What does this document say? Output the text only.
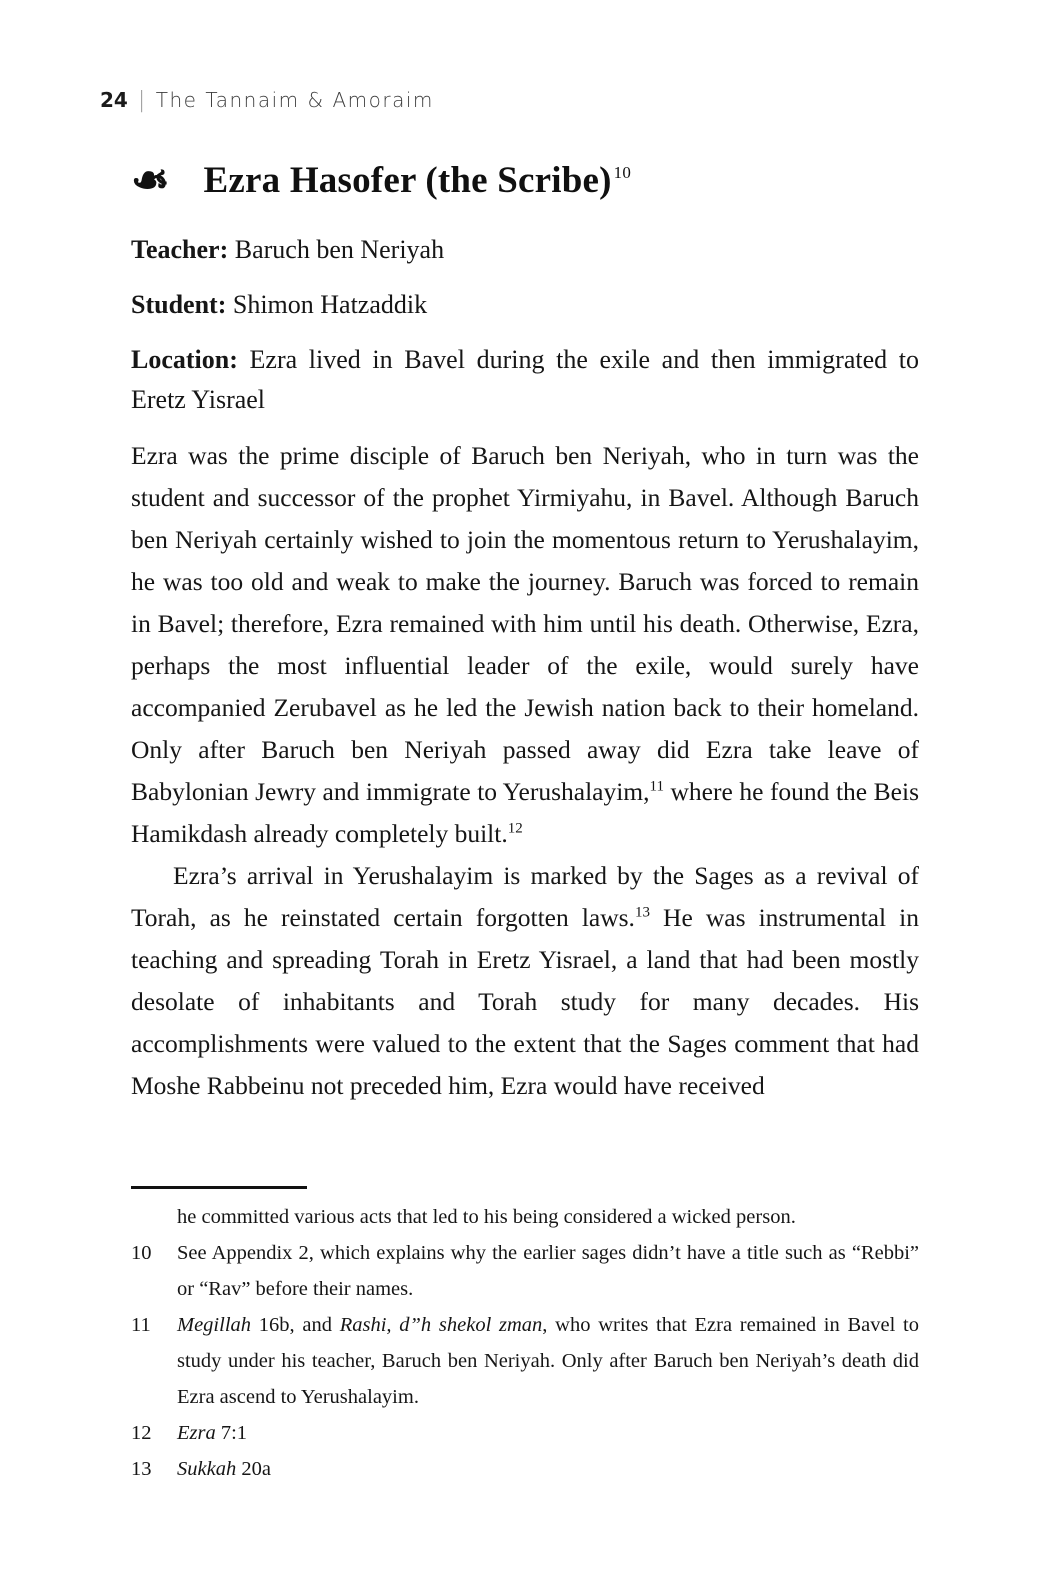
24 | The Tannaim & Amoraim
❧ Ezra Hasofer (the Scribe) $^{10}$

Teacher: Baruch ben Neriyah

Student: Shimon Hatzaddik

Location: Ezra lived in Bavel during the exile and then immigrated to Eretz Yisrael

Ezra was the prime disciple of Baruch ben Neriyah, who in turn was the student and successor of the prophet Yirmiyahu, in Bavel. Although Baruch ben Neriyah certainly wished to join the momentous return to Yerushalayim, he was too old and weak to make the journey. Baruch was forced to remain in Bavel; therefore, Ezra remained with him until his death. Otherwise, Ezra, perhaps the most influential leader of the exile, would surely have accompanied Zerubavel as he led the Jewish nation back to their homeland. Only after Baruch ben Neriyah passed away did Ezra take leave of Babylonian Jewry and immigrate to Yerushalayim,$^{11}$ where he found the Beis Hamikdash already completely built.$^{12}$

Ezra’s arrival in Yerushalayim is marked by the Sages as a revival of Torah, as he reinstated certain forgotten laws.$^{13}$ He was instrumental in teaching and spreading Torah in Eretz Yisrael, a land that had been mostly desolate of inhabitants and Torah study for many decades. His accomplishments were valued to the extent that the Sages comment that had Moshe Rabbeinu not preceded him, Ezra would have received

he committed various acts that led to his being considered a wicked person.

10 See Appendix 2, which explains why the earlier sages didn’t have a title such as “Rebbi” or “Rav” before their names.
11 Megillah 16b, and Rashi, d”h shekol zman, who writes that Ezra remained in Bavel to study under his teacher, Baruch ben Neriyah. Only after Baruch ben Neriyah’s death did Ezra ascend to Yerushalayim.
12 Ezra 7:1
13 Sukkah 20a
